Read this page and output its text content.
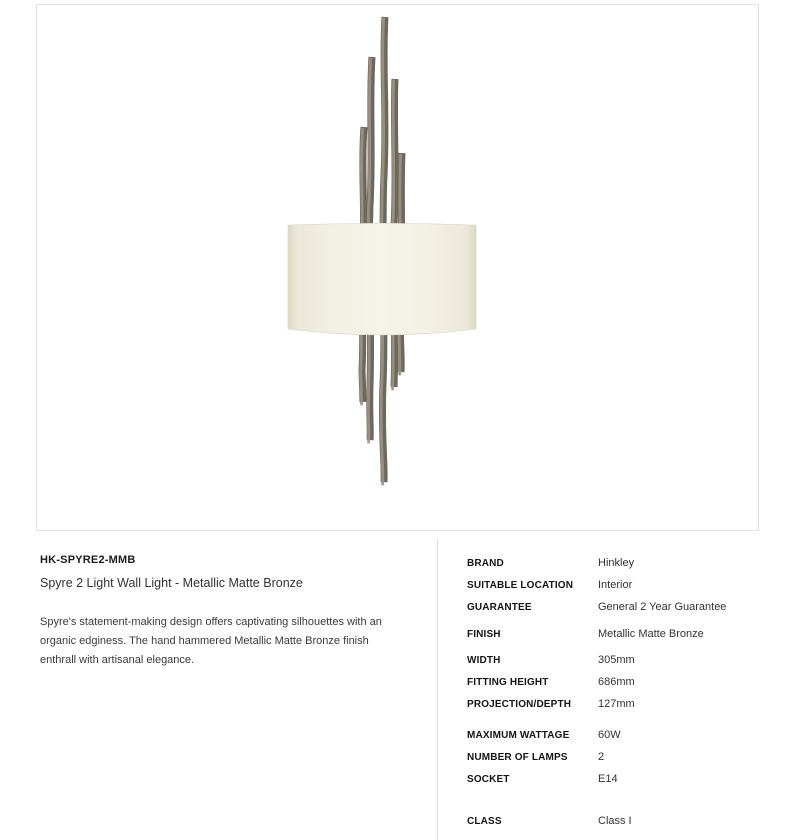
HK-SPYRE2-MMB
Spyre 2 Light Wall Light - Metallic Matte Bronze

Spyre's statement-making design offers captivating silhouettes with an organic edginess. The hand hammered Metallic Matte Bronze finish enthrall with artisanal elegance.

BRAND	Hinkley
SUITABLE LOCATION	Interior
GUARANTEE	General 2 Year Guarantee
FINISH	Metallic Matte Bronze
WIDTH	305mm
FITTING HEIGHT	686mm
PROJECTION/DEPTH	127mm
MAXIMUM WATTAGE	60W
NUMBER OF LAMPS	2
SOCKET	E14
CLASS	Class I
